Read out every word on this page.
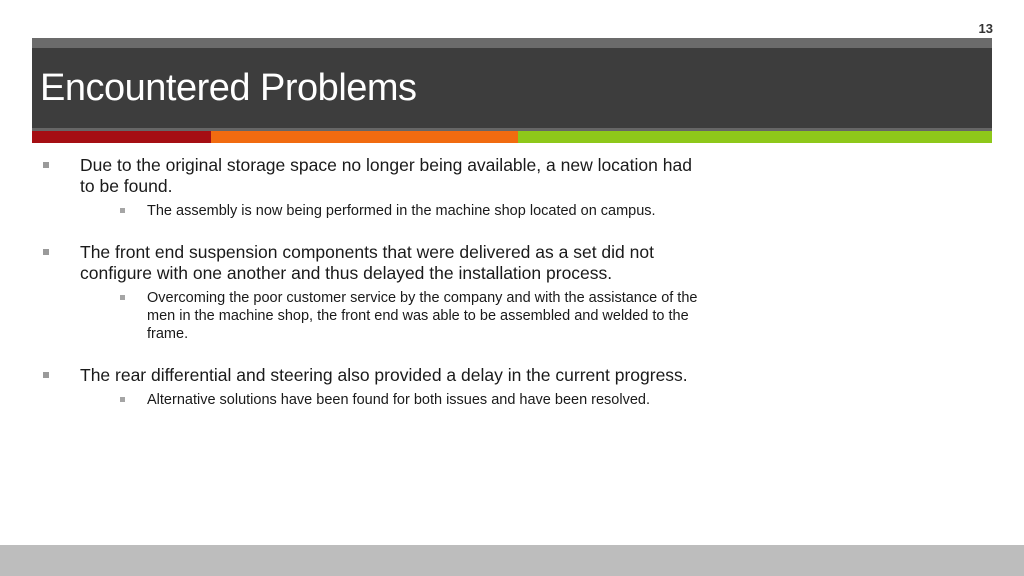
13
Encountered Problems
Due to the original storage space no longer being available, a new location had to be found.
The assembly is now being performed in the machine shop located on campus.
The front end suspension components that were delivered as a set did not configure with one another and thus delayed the installation process.
Overcoming the poor customer service by the company and with the assistance of the men in the machine shop, the front end was able to be assembled and welded to the frame.
The rear differential and steering also provided a delay in the current progress.
Alternative solutions have been found for both issues and have been resolved.
